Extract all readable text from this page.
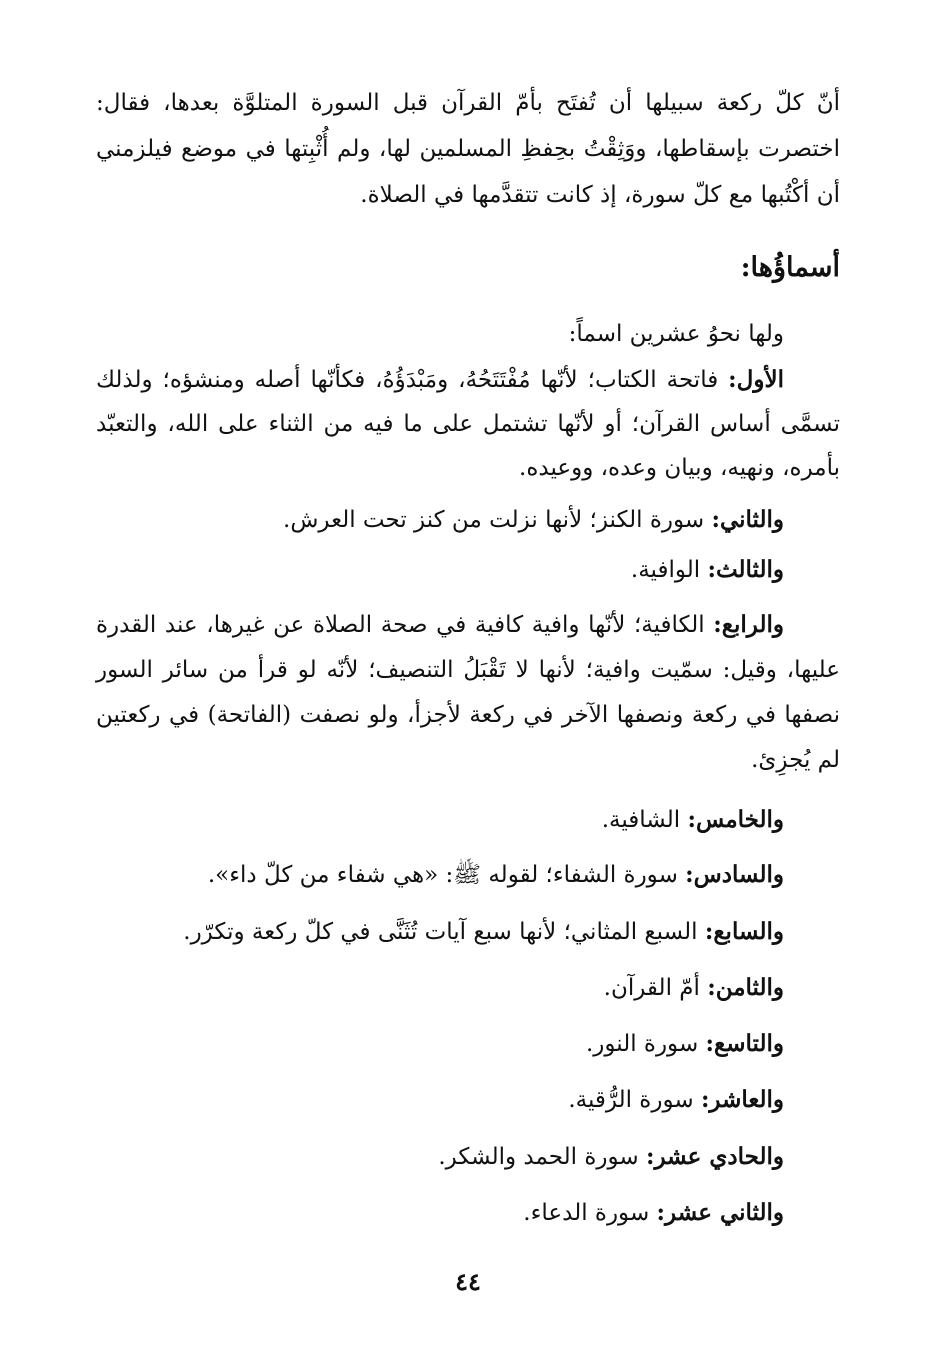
أنّ كلّ ركعة سبيلها أن تُفتَح بأمّ القرآن قبل السورة المتلوَّة بعدها، فقال: اختصرت بإسقاطها، ووَثِقْتُ بحِفظِ المسلمين لها، ولم أُثْبِتها في موضع فيلزمني أن أكْتُبها مع كلّ سورة، إذ كانت تتقدَّمها في الصلاة.
أسماؤُها:
ولها نحوُ عشرين اسماً:
الأول: فاتحة الكتاب؛ لأنّها مُفْتَتَحُهُ، ومَبْدَؤُهُ، فكأنّها أصله ومنشؤه؛ ولذلك تسمَّى أساس القرآن؛ أو لأنّها تشتمل على ما فيه من الثناء على الله، والتعبّد بأمره، ونهيه، وبيان وعده، ووعيده.
والثاني: سورة الكنز؛ لأنها نزلت من كنز تحت العرش.
والثالث: الوافية.
والرابع: الكافية؛ لأنّها وافية كافية في صحة الصلاة عن غيرها، عند القدرة عليها، وقيل: سمّيت وافية؛ لأنها لا تَقْبَلُ التنصيف؛ لأنّه لو قرأ من سائر السور نصفها في ركعة ونصفها الآخر في ركعة لأجزأ، ولو نصفت (الفاتحة) في ركعتين لم يُجزِئ.
والخامس: الشافية.
والسادس: سورة الشفاء؛ لقوله ﷺ: «هي شفاء من كلّ داء».
والسابع: السبع المثاني؛ لأنها سبع آيات تُثَنَّى في كلّ ركعة وتكرّر.
والثامن: أمّ القرآن.
والتاسع: سورة النور.
والعاشر: سورة الرُّقية.
والحادي عشر: سورة الحمد والشكر.
والثاني عشر: سورة الدعاء.
٤٤
